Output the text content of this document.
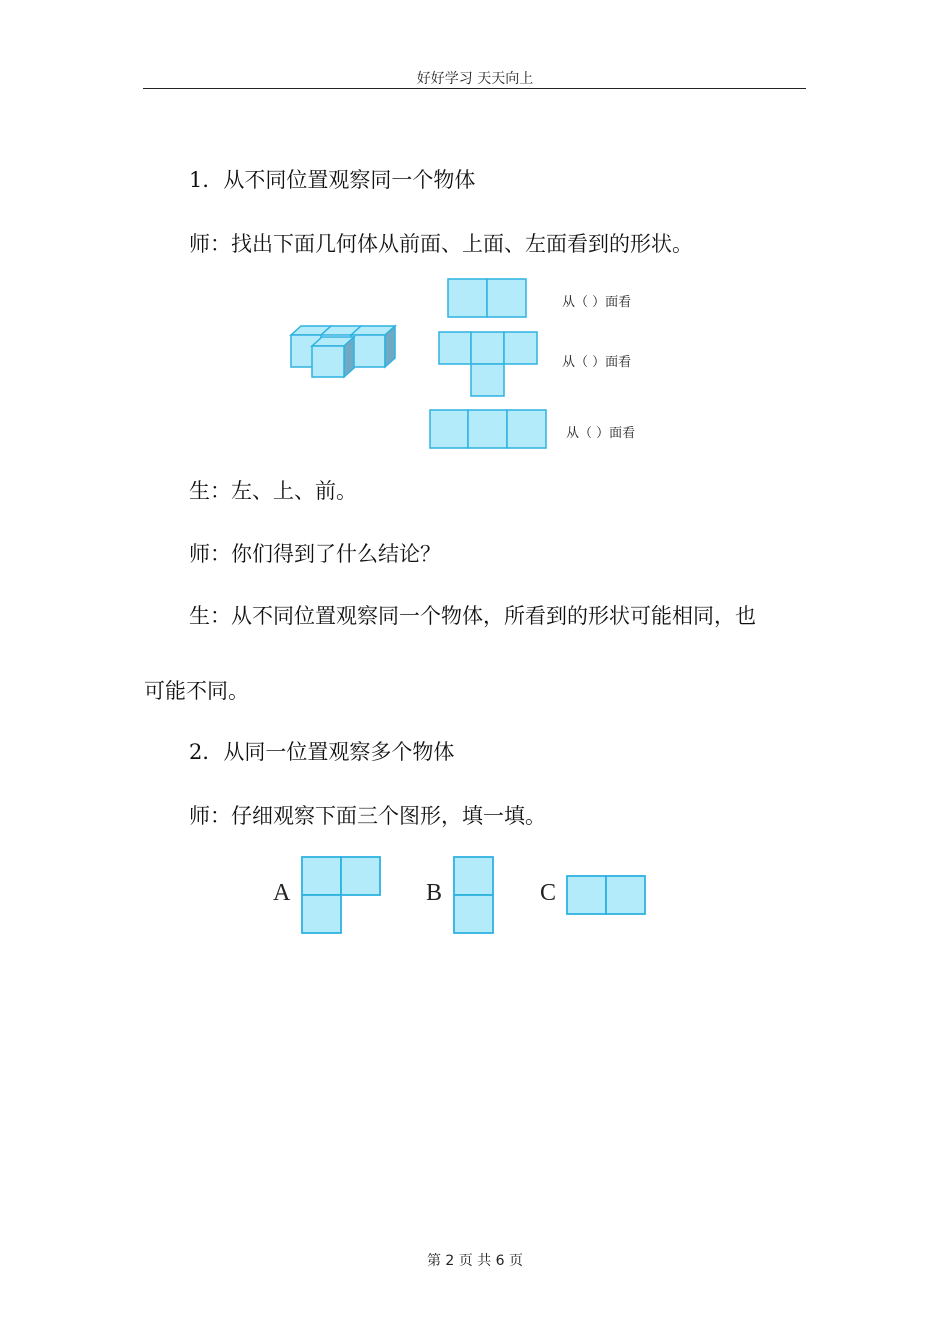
好好学习 天天向上
1．从不同位置观察同一个物体
师：找出下面几何体从前面、上面、左面看到的形状。
从（ ）面看
从（ ）面看
从（ ）面看
生：左、上、前。
师：你们得到了什么结论？
生：从不同位置观察同一个物体，所看到的形状可能相同，也
可能不同。
2．从同一位置观察多个物体
师：仔细观察下面三个图形，填一填。
A	B	C
第 2 页 共 6 页
